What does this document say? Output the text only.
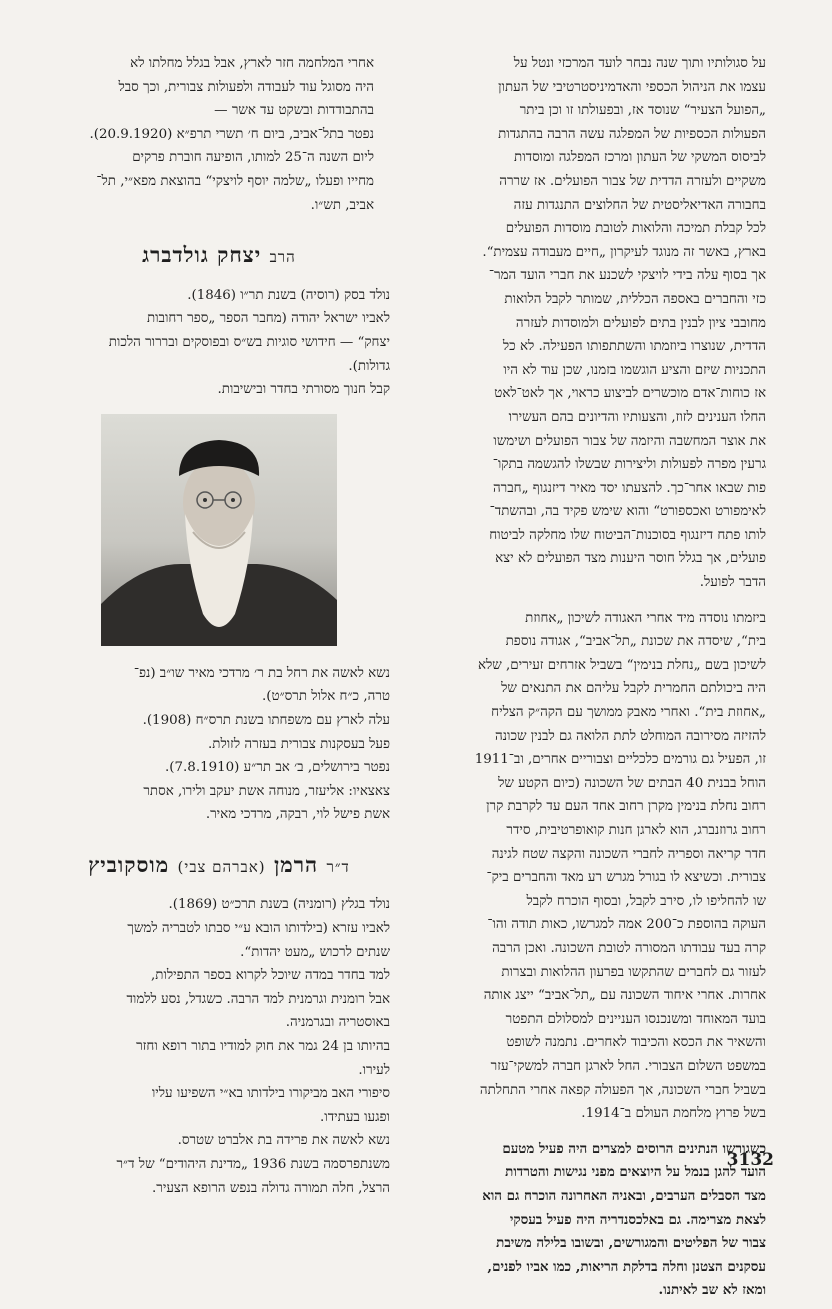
על סגולותיו ותוך שנה נבחר לועד המרכזי ונטל על

עצמו את הניהול הכספי והאדמיניסטרטיבי של העתון

„הפועל הצעיר“ שנוסד אז, ובפעולתו זו וכן ביתר

הפעולות הכספיות של המפלגה עשה הרבה בהתגדות

לביסוס המשקי של העתון ומרכז המפלגה ומוסדות

משקיים ולעזרה הדדית של צבור הפועלים. אז שררה

בחבורה האדיאליסטית של החלוצים התנגדות עזה

לכל קבלת תמיכה והלואות לטובת מוסדות הפועלים

בארץ, באשר זה מנוגד לעיקרון „חיים מעבודה עצמית“.

אך בסוף עלה בידי לויצקי לשכנע את חברי הועד המר־

כזי והחברים באספה הכללית, שמותר לקבל הלואות

מחובבי ציון לבנין בתים לפועלים ולמוסדות לעזרה

הדדית, שנוצרו ביוזמתו והשתתפותו הפעילה. לא כל

התכניות שיזם והציע הוגשמו בזמנו, שכן עוד לא היו

אז כוחות־אדם מוכשרים לביצוע כראוי, אך לאט־לאט

החלו הענינים לזוז, והצעותיו והדיונים בהם העשירו

את אוצר המחשבה והיזמה של צבור הפועלים ושימשו

גרעין מפרה לפעולות וליצירות שבשלו להגשמה בתקו־

פות שבאו אחר־כך. להצעתו יסד מאיר דיזנגוף „חברה

לאימפורט ואכספורט“ והוא שימש פקיד בה, ובהשתד־

לותו פתח דיזנגוף בסוכנות־הביטוח שלו מחלקה לביטוח

פועלים, אך בגלל חוסר היענות מצד הפועלים לא יצא

הדבר לפועל.

ביזמתו נוסדה מיד אחרי האגודה לשיכון „אחוזת

בית“, שיסדה את שכונת „תל־אביב“, אגודה נוספת

לשיכון בשם „נחלת בנימין“ בשביל אזרחים זעירים, שלא

היה ביכולתם החמרית לקבל עליהם את התנאים של

„אחוזת בית“. ואחרי מאבק ממושך עם הקה״ק הצליח

להזיזה מסירובה המוחלט לתת הלואה גם לבנין שכונה

זו, הפעיל גם גורמים כלכליים וצבוריים אחרים, וב־1911

הוחל בבנית 40 הבתים של השכונה (כיום הקטע של

רחוב נחלת בנימין מקרן רחוב אחד העם עד לקרבת קרן

רחוב גרוזנברג, הוא לארגן חנות קואופרטיבית, סידר

חדר קריאה וספריה לחברי השכונה והקצה שטח לגינה

צבורית. וכשיצא לו בגורל מגרש רע מאד והחברים ביק־

שו להחליפו לו, סירב לקבל, ובסוף הוכרח לקבל

העוקה בהוספת כ־200 אמה למגרשו, כאות תודה והו־

קרה בעד עבודתו המסורה לטובת השכונה. ואכן הרבה

לעזור גם לחברים שהתקשו בפרעון ההלואות ובצרות

אחרות. אחרי איחוד השכונה עם „תל־אביב“ ייצג אותה

בועד המאוחד ומשנכנסו העניינים למסלולם התפטר

והשאיר את הכסא והכיבוד לאחרים. נתמנה לשופט

במשפט השלום הצבורי. החל לארגן חברה למשקי־עזר

בשביל חברי השכונה, אך הפעולה קפאה אחרי התחלתה

בשל פרוץ מלחמת העולם ב־1914.

כשגורשו הנתינים הרוסים למצרים היה פעיל מטעם

הועד להגן בנמל על היוצאים מפני נגישות והטרדות

מצד הסבלים הערבים, ובאניה האחרונה הוכרח גם הוא

לצאת מצרימה. גם באלכסנדריה היה פעיל בעסקי

צבור של הפליטים והמגורשים, ובשובו בלילה משיבת

עסקנים הצטנן וחלה בדלקת הריאות, כמו אביו לפנים,

ומאז לא שב לאיתנו.

אחרי המלחמה חזר לארץ, אבל בגלל מחלתו לא

היה מסוגל עוד לעבודה ולפעולות צבורית, וכך סבל

בהתבודדות ובשקט עד אשר —

נפטר בתל־אביב, ביום ח׳ תשרי תרפ״א (20.9.1920).

ליום השנה ה־25 למותו, הופיעה חוברת פרקים

מחייו ופעלו „שלמה יוסף לויצקי“ בהוצאת מפא״י, תל־

אביב, תש״ו.

הרב יצחק גולדברג

נולד בסק (רוסיה) בשנת תר״ו (1846).

לאביו ישראל יהודה (מחבר הספר „ספר רחובות

יצחק“ — חידושי סוגיות בש״ס ובפוסקים ובררור הלכות

גדולות).

קבל חנוך מסורתי בחדר ובישיבות.

נשא לאשה את רחל בת ר׳ מרדכי מאיר שו״ב (נפ־

טרה, כ״ח אלול תרס״ט).

עלה לארץ עם משפחתו בשנת תרס״ח (1908).

פעל בעסקנות צבורית בעזרה לזולת.

נפטר בירושלים, ב׳ אב תר״ע (7.8.1910).

צאצאיו: אליעזר, מנוחה אשת יעקב ולירו, אסתר

אשת פישל לוי, רבקה, מרדכי מאיר.

ד״ר הרמן (אברהם צבי) מוסקוביץ

נולד בגלץ (רומניה) בשנת תרכ״ט (1869).

לאביו עזרא (בילדותו הובא ע״י סבתו לטבריה למשך

שנתים לרכוש „מעט יהדות“.

למד בחדר במדה שיוכל לקרוא בספר התפילות,

אבל רומנית וגרמנית למד הרבה. כשגדל, נסע ללמוד

באוסטריה ובגרמניה.

בהיותו בן 24 גמר את חוק למודיו בתור רופא וחזר

לעירו.

סיפורי האב מביקורו בילדותו בא״י השפיעו עליו

ופגעו בעתידו.

נשא לאשה את פרידה בת אלברט שטרס.

משנתפרסמה בשנת 1936 „מדינת היהודים“ של ד״ר

הרצל, חלה תמורה גדולה בנפש הרופא הצעיר.

3132
